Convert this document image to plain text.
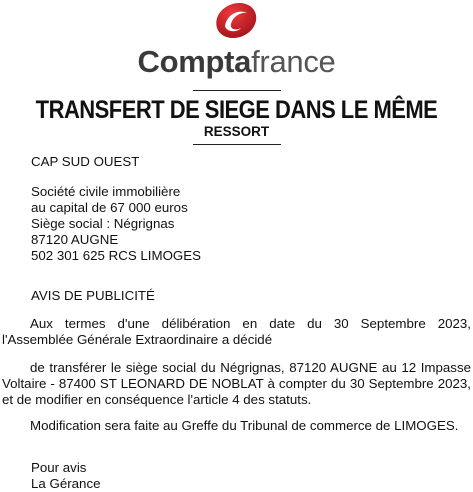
Comptafrance
TRANSFERT DE SIEGE DANS LE MÊME
RESSORT
CAP SUD OUEST
Société civile immobilière
au capital de 67 000 euros
Siège social : Négrignas
87120 AUGNE
502 301 625 RCS LIMOGES
AVIS DE PUBLICITÉ
Aux termes d'une délibération en date du 30 Septembre 2023, l'Assemblée Générale Extraordinaire a décidé
de transférer le siège social du Négrignas, 87120 AUGNE au 12 Impasse Voltaire - 87400 ST LEONARD DE NOBLAT à compter du 30 Septembre 2023, et de modifier en conséquence l'article 4 des statuts.
Modification sera faite au Greffe du Tribunal de commerce de LIMOGES.
Pour avis
La Gérance
